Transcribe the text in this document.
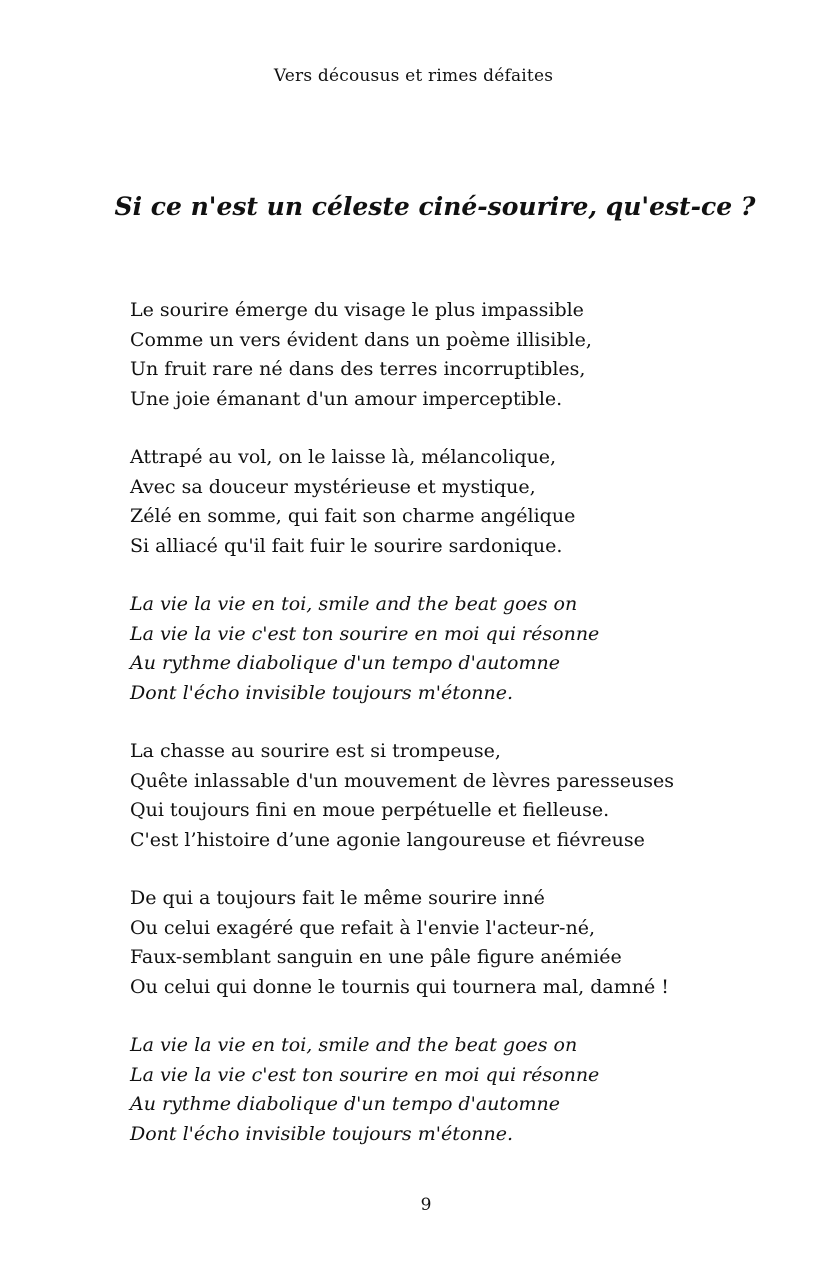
Vers décousus et rimes défaites
Si ce n'est un céleste ciné-sourire, qu'est-ce ?
Le sourire émerge du visage le plus impassible
Comme un vers évident dans un poème illisible,
Un fruit rare né dans des terres incorruptibles,
Une joie émanant d'un amour imperceptible.
Attrapé au vol, on le laisse là, mélancolique,
Avec sa douceur mystérieuse et mystique,
Zélé en somme, qui fait son charme angélique
Si alliacé qu'il fait fuir le sourire sardonique.
La vie la vie en toi, smile and the beat goes on
La vie la vie c'est ton sourire en moi qui résonne
Au rythme diabolique d'un tempo d'automne
Dont l'écho invisible toujours m'étonne.
La chasse au sourire est si trompeuse,
Quête inlassable d'un mouvement de lèvres paresseuses
Qui toujours fini en moue perpétuelle et fielleuse.
C'est l’histoire d’une agonie langoureuse et fiévreuse
De qui a toujours fait le même sourire inné
Ou celui exagéré que refait à l'envie l'acteur-né,
Faux-semblant sanguin en une pâle figure anémiée
Ou celui qui donne le tournis qui tournera mal, damné !
La vie la vie en toi, smile and the beat goes on
La vie la vie c'est ton sourire en moi qui résonne
Au rythme diabolique d'un tempo d'automne
Dont l'écho invisible toujours m'étonne.
9
